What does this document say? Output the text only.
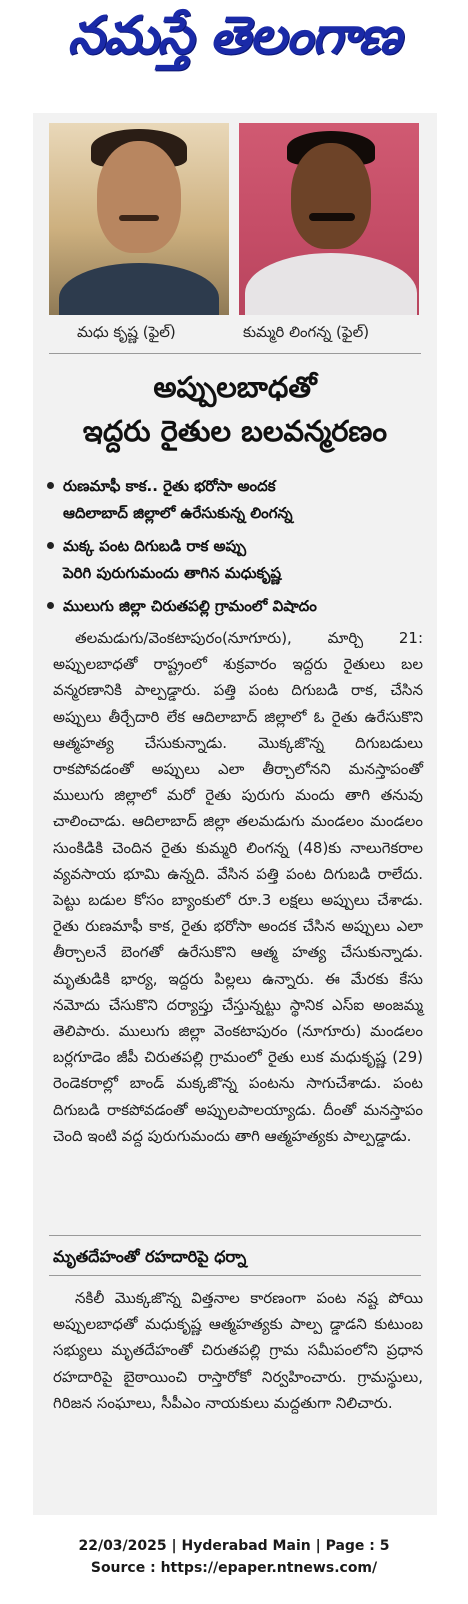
నమస్తే తెలంగాణ
మధు కృష్ణ (ఫైల్)	కుమ్మరి లింగన్న (ఫైల్)
అప్పులబాధతో
ఇద్దరు రైతుల బలవన్మరణం
రుణమాఫీ కాక.. రైతు భరోసా అందక
ఆదిలాబాద్ జిల్లాలో ఉరేసుకున్న లింగన్న
మక్క పంట దిగుబడి రాక అప్పు
పెరిగి పురుగుమందు తాగిన మధుకృష్ణ
ములుగు జిల్లా చిరుతపల్లి గ్రామంలో విషాదం
తలమడుగు/వెంకటాపురం(నూగూరు), మార్చి 21: అప్పులబాధతో రాష్ట్రంలో శుక్రవారం ఇద్దరు రైతులు బల వన్మరణానికి పాల్పడ్డారు. పత్తి పంట దిగుబడి రాక, చేసిన అప్పులు తీర్చేదారి లేక ఆదిలాబాద్ జిల్లాలో ఓ రైతు ఉరేసుకొని ఆత్మహత్య చేసుకున్నాడు. మొక్కజొన్న దిగుబడులు రాకపోవడంతో అప్పులు ఎలా తీర్చాలోనని మనస్తాపంతో ములుగు జిల్లాలో మరో రైతు పురుగు మందు తాగి తనువు చాలించాడు. ఆదిలాబాద్ జిల్లా తలమడుగు మండలం మండలం సుంకిడికి చెందిన రైతు కుమ్మరి లింగన్న (48)కు నాలుగెకరాల వ్యవసాయ భూమి ఉన్నది. వేసిన పత్తి పంట దిగుబడి రాలేదు. పెట్టు బడుల కోసం బ్యాంకులో రూ.3 లక్షలు అప్పులు చేశాడు. రైతు రుణమాఫీ కాక, రైతు భరోసా అందక చేసిన అప్పులు ఎలా తీర్చాలనే బెంగతో ఉరేసుకొని ఆత్మ హత్య చేసుకున్నాడు. మృతుడికి భార్య, ఇద్దరు పిల్లలు ఉన్నారు. ఈ మేరకు కేసు నమోదు చేసుకొని దర్యాప్తు చేస్తున్నట్టు స్థానిక ఎస్ఐ అంజమ్మ తెలిపారు. ములుగు జిల్లా వెంకటాపురం (నూగూరు) మండలం బర్లగూడెం జీపీ చిరుతపల్లి గ్రామంలో రైతు లుక మధుకృష్ణ (29) రెండెకరాల్లో బాండ్ మక్కజొన్న పంటను సాగుచేశాడు. పంట దిగుబడి రాకపోవడంతో అప్పులపాలయ్యాడు. దీంతో మనస్తాపం చెంది ఇంటి వద్ద పురుగుమందు తాగి ఆత్మహత్యకు పాల్పడ్డాడు.
మృతదేహంతో రహదారిపై ధర్నా
నకిలీ మొక్కజొన్న విత్తనాల కారణంగా పంట నష్ట పోయి అప్పులబాధతో మధుకృష్ణ ఆత్మహత్యకు పాల్ప డ్డాడని కుటుంబ సభ్యులు మృతదేహంతో చిరుతపల్లి గ్రామ సమీపంలోని ప్రధాన రహదారిపై బైఠాయించి రాస్తారోకో నిర్వహించారు. గ్రామస్థులు, గిరిజన సంఘాలు, సీపీఎం నాయకులు మద్దతుగా నిలిచారు.
22/03/2025 | Hyderabad Main | Page : 5
Source : https://epaper.ntnews.com/
